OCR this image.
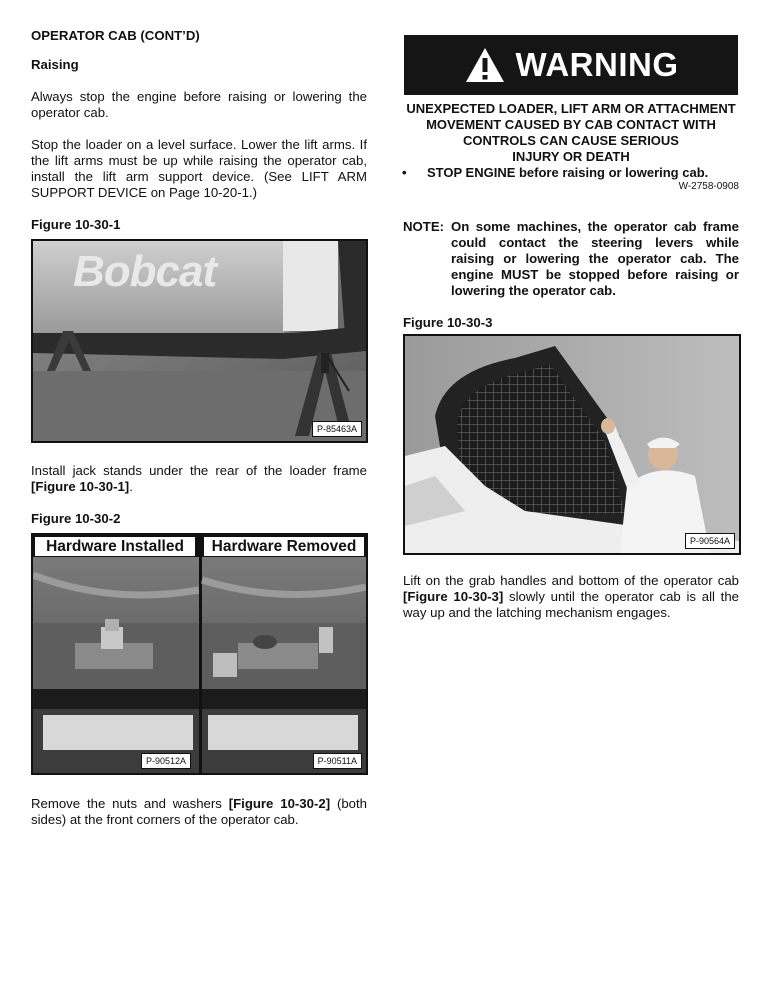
OPERATOR CAB (CONT’D)
Raising
Always stop the engine before raising or lowering the operator cab.
Stop the loader on a level surface. Lower the lift arms. If the lift arms must be up while raising the operator cab, install the lift arm support device. (See LIFT ARM SUPPORT DEVICE on Page 10-20-1.)
Figure 10-30-1
Bobcat
P-85463A
Install jack stands under the rear of the loader frame [Figure 10-30-1].
Figure 10-30-2
Hardware Installed	Hardware Removed
P-90512A	P-90511A
Remove the nuts and washers [Figure 10-30-2] (both sides) at the front corners of the operator cab.
WARNING
UNEXPECTED LOADER, LIFT ARM OR ATTACHMENT
MOVEMENT CAUSED BY CAB CONTACT WITH
CONTROLS CAN CAUSE SERIOUS
INJURY OR DEATH
• STOP ENGINE before raising or lowering cab.
W-2758-0908
NOTE: On some machines, the operator cab frame could contact the steering levers while raising or lowering the operator cab. The engine MUST be stopped before raising or lowering the operator cab.
Figure 10-30-3
P-90564A
Lift on the grab handles and bottom of the operator cab [Figure 10-30-3] slowly until the operator cab is all the way up and the latching mechanism engages.
